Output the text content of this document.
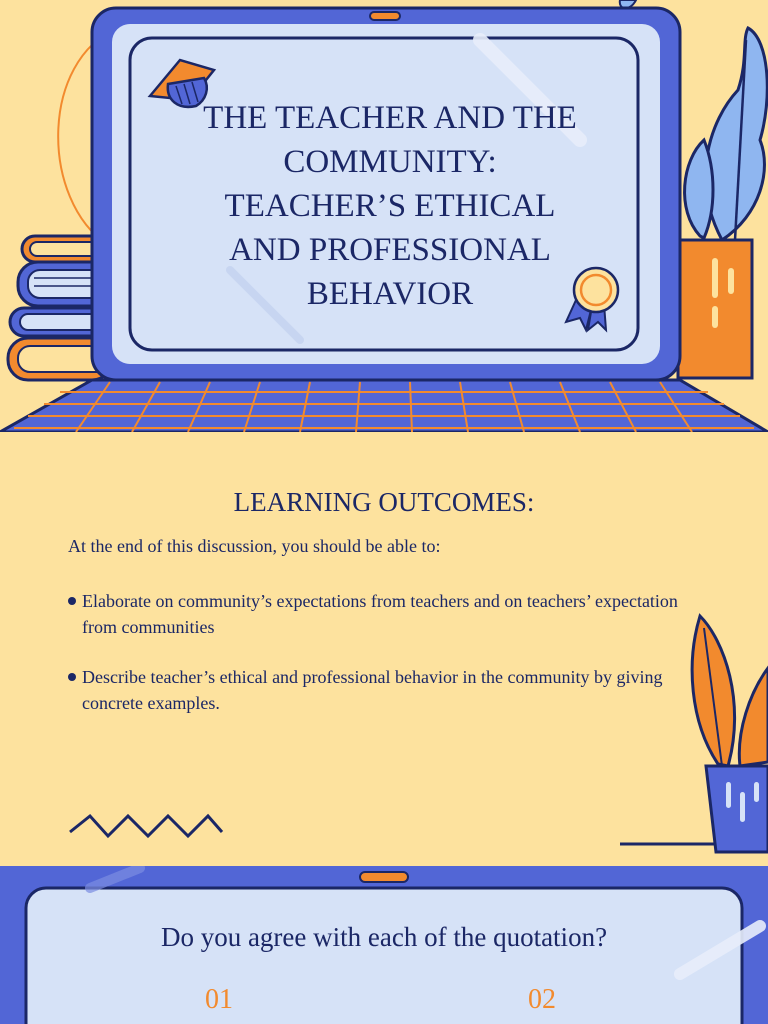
THE TEACHER AND THE
COMMUNITY:
TEACHER’S ETHICAL
AND PROFESSIONAL
BEHAVIOR
LEARNING OUTCOMES:
At the end of this discussion, you should be able to:
Elaborate on community’s expectations from teachers and on teachers’ expectation from communities
Describe teacher’s ethical and professional behavior in the community by giving concrete examples.
Do you agree with each of the quotation?
01	02
